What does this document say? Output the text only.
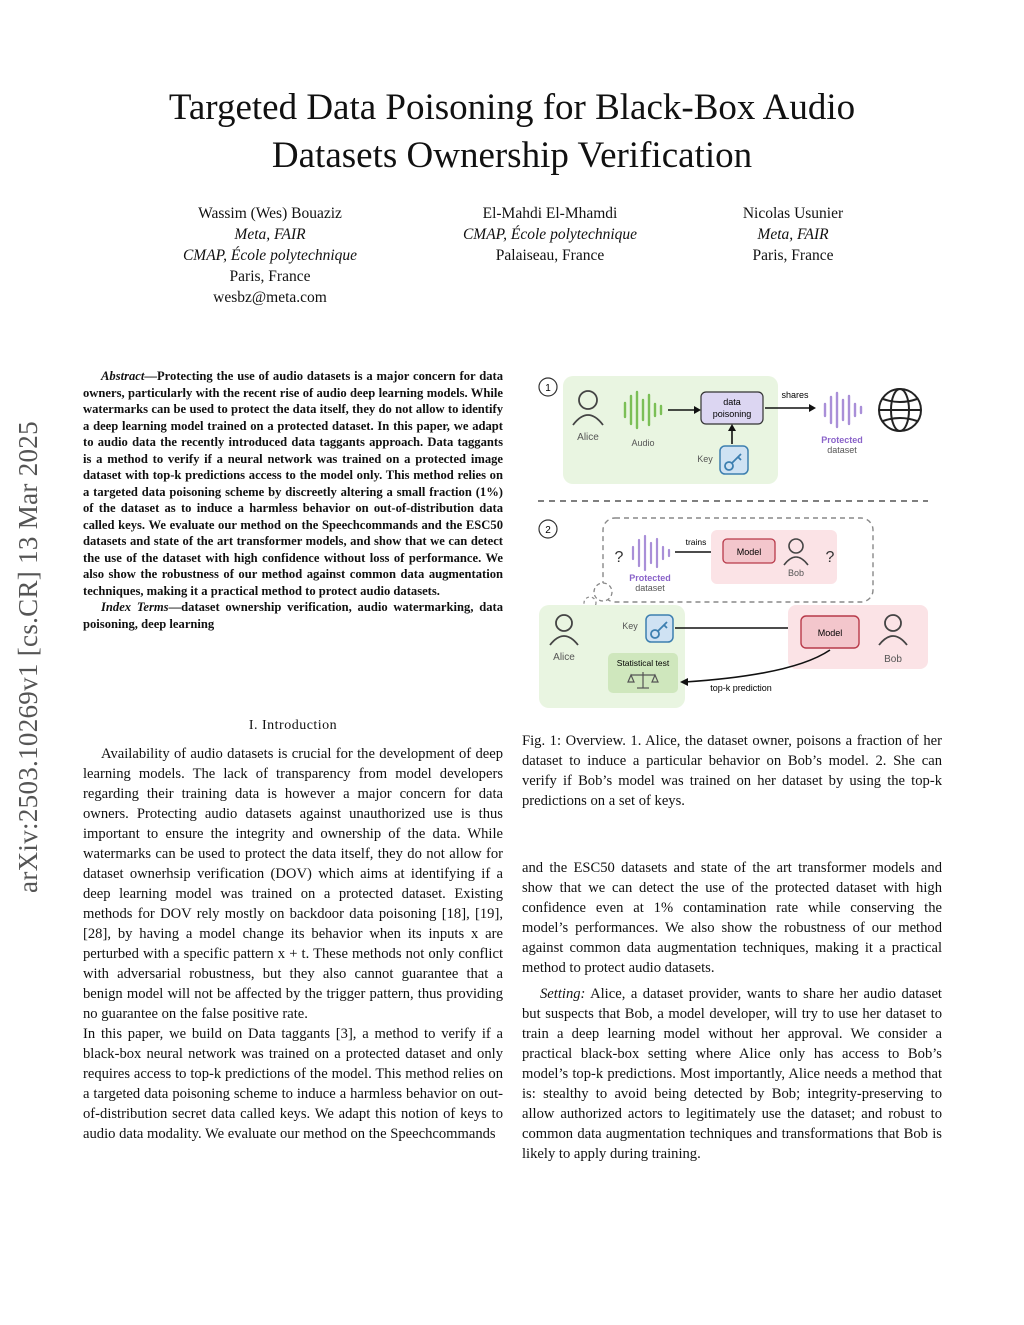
Targeted Data Poisoning for Black-Box Audio
Datasets Ownership Verification
Wassim (Wes) Bouaziz
Meta, FAIR
CMAP, École polytechnique
Paris, France
wesbz@meta.com
El-Mahdi El-Mhamdi
CMAP, École polytechnique
Palaiseau, France
Nicolas Usunier
Meta, FAIR
Paris, France
arXiv:2503.10269v1 [cs.CR] 13 Mar 2025

Abstract—Protecting the use of audio datasets is a major concern for data owners, particularly with the recent rise of audio deep learning models. While watermarks can be used to protect the data itself, they do not allow to identify a deep learning model trained on a protected dataset. In this paper, we adapt to audio data the recently introduced data taggants approach. Data taggants is a method to verify if a neural network was trained on a protected image dataset with top-k predictions access to the model only. This method relies on a targeted data poisoning scheme by discreetly altering a small fraction (1%) of the dataset as to induce a harmless behavior on out-of-distribution data called keys. We evaluate our method on the Speechcommands and the ESC50 datasets and state of the art transformer models, and show that we can detect the use of the dataset with high confidence without loss of performance. We also show the robustness of our method against common data augmentation techniques, making it a practical method to protect audio datasets.

Index Terms—dataset ownership verification, audio watermarking, data poisoning, deep learning

I. Introduction

Availability of audio datasets is crucial for the development of deep learning models. The lack of transparency from model developers regarding their training data is however a major concern for data owners. Protecting audio datasets against unauthorized use is thus important to ensure the integrity and ownership of the data. While watermarks can be used to protect the data itself, they do not allow for dataset ownerhsip verification (DOV) which aims at identifying if a deep learning model was trained on a protected dataset. Existing methods for DOV rely mostly on backdoor data poisoning [18], [19], [28], by having a model change its behavior when its inputs x are perturbed with a specific pattern x + t. These methods not only conflict with adversarial robustness, but they also cannot guarantee that a benign model will not be affected by the trigger pattern, thus providing no guarantee on the false positive rate.

In this paper, we build on Data taggants [3], a method to verify if a black-box neural network was trained on a protected dataset and only requires access to top-k predictions of the model. This method relies on a targeted data poisoning scheme to induce a harmless behavior on out-of-distribution secret data called keys. We adapt this notion of keys to audio data modality. We evaluate our method on the Speechcommands

1
Alice	Audio
data
poisoning
Key
shares
Protected
dataset
2
?
Protected
dataset
trains
Model
Bob
?
Alice
Key
Statistical test
Model
Bob
top-k prediction
Fig. 1: Overview. 1. Alice, the dataset owner, poisons a fraction of her dataset to induce a particular behavior on Bob’s model. 2. She can verify if Bob’s model was trained on her dataset by using the top-k predictions on a set of keys.

and the ESC50 datasets and state of the art transformer models and show that we can detect the use of the protected dataset with high confidence even at 1% contamination rate while conserving the model’s performances. We also show the robustness of our method against common data augmentation techniques, making it a practical method to protect audio datasets.

Setting: Alice, a dataset provider, wants to share her audio dataset but suspects that Bob, a model developer, will try to use her dataset to train a deep learning model without her approval. We consider a practical black-box setting where Alice only has access to Bob’s model’s top-k predictions. Most importantly, Alice needs a method that is: stealthy to avoid being detected by Bob; integrity-preserving to allow authorized actors to legitimately use the dataset; and robust to common data augmentation techniques and transformations that Bob is likely to apply during training.
